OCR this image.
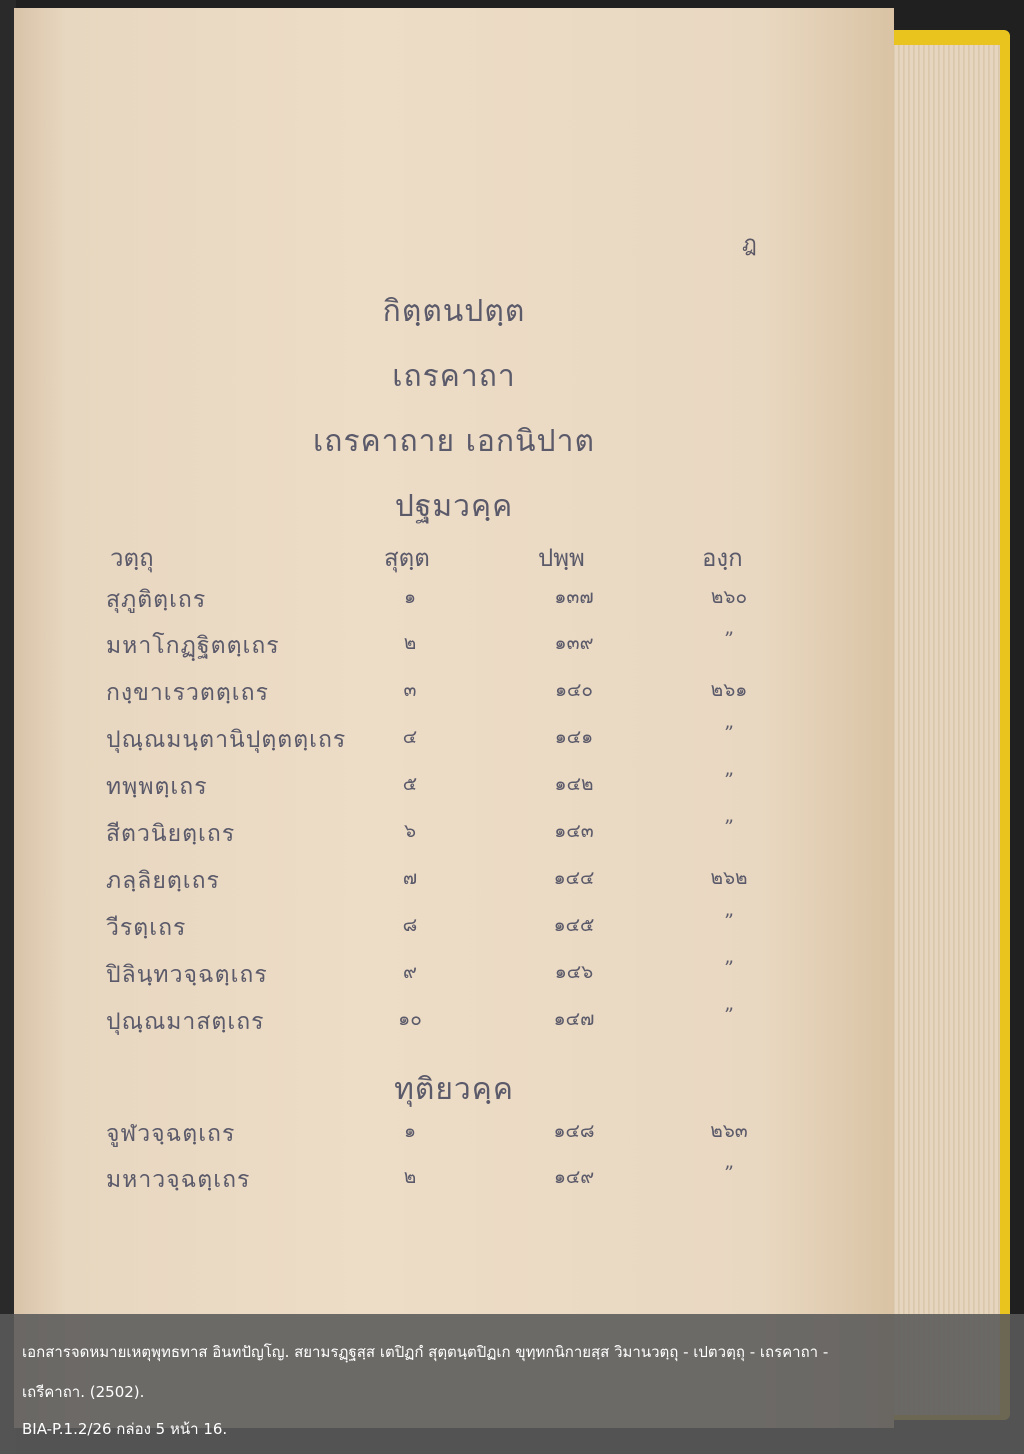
ฎ
กิตฺตนปตฺต
เถรคาถา
เถรคาถาย เอกนิปาต
ปฐมวคฺค
วตฺถุ	สุตฺต	ปพฺพ	องฺก
สุภูติตฺเถร	๑	๑๓๗	๒๖๐
มหาโกฏฺฐิตตฺเถร	๒	๑๓๙	”
กงฺขาเรวตตฺเถร	๓	๑๔๐	๒๖๑
ปุณฺณมนฺตานิปุตฺตตฺเถร	๔	๑๔๑	”
ทพฺพตฺเถร	๕	๑๔๒	”
สีตวนิยตฺเถร	๖	๑๔๓	”
ภลฺลิยตฺเถร	๗	๑๔๔	๒๖๒
วีรตฺเถร	๘	๑๔๕	”
ปิลินฺทวจฺฉตฺเถร	๙	๑๔๖	”
ปุณฺณมาสตฺเถร	๑๐	๑๔๗	”
ทุติยวคฺค
จูฬวจฺฉตฺเถร	๑	๑๔๘	๒๖๓
มหาวจฺฉตฺเถร	๒	๑๔๙	”
เอกสารจดหมายเหตุพุทธทาส อินทปัญโญ. สยามรฏฺฐสฺส เตปิฏกํ สุตฺตนฺตปิฏเก ขุทฺทกนิกายสฺส วิมานวตฺถุ - เปตวตฺถุ - เถรคาถา -
เถรีคาถา. (2502).
BIA-P.1.2/26 กล่อง 5 หน้า 16.
